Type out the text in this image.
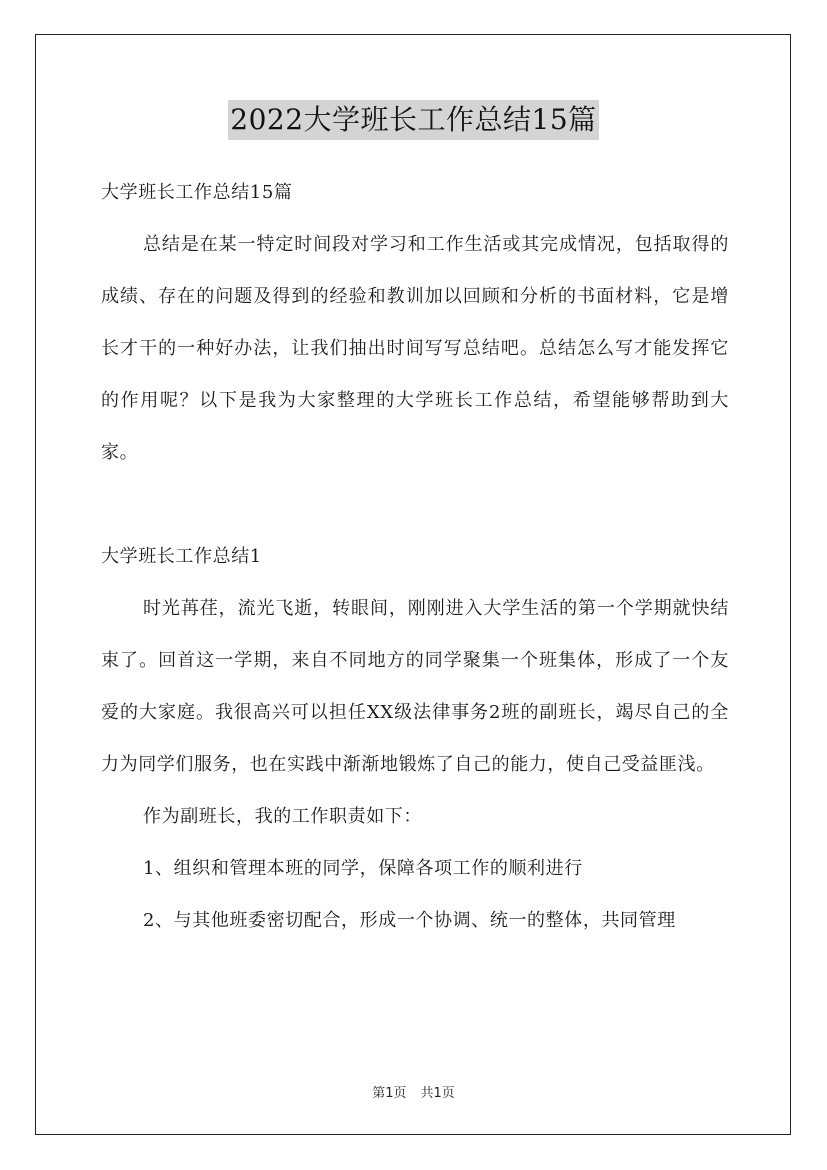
2022大学班长工作总结15篇

大学班长工作总结15篇

总结是在某一特定时间段对学习和工作生活或其完成情况，包括取得的成绩、存在的问题及得到的经验和教训加以回顾和分析的书面材料，它是增长才干的一种好办法，让我们抽出时间写写总结吧。总结怎么写才能发挥它的作用呢？以下是我为大家整理的大学班长工作总结，希望能够帮助到大家。

大学班长工作总结1

时光苒荏，流光飞逝，转眼间，刚刚进入大学生活的第一个学期就快结束了。回首这一学期，来自不同地方的同学聚集一个班集体，形成了一个友爱的大家庭。我很高兴可以担任XX级法律事务2班的副班长，竭尽自己的全力为同学们服务，也在实践中渐渐地锻炼了自己的能力，使自己受益匪浅。

作为副班长，我的工作职责如下：

1、组织和管理本班的同学，保障各项工作的顺利进行

2、与其他班委密切配合，形成一个协调、统一的整体，共同管理

第1页 共1页
